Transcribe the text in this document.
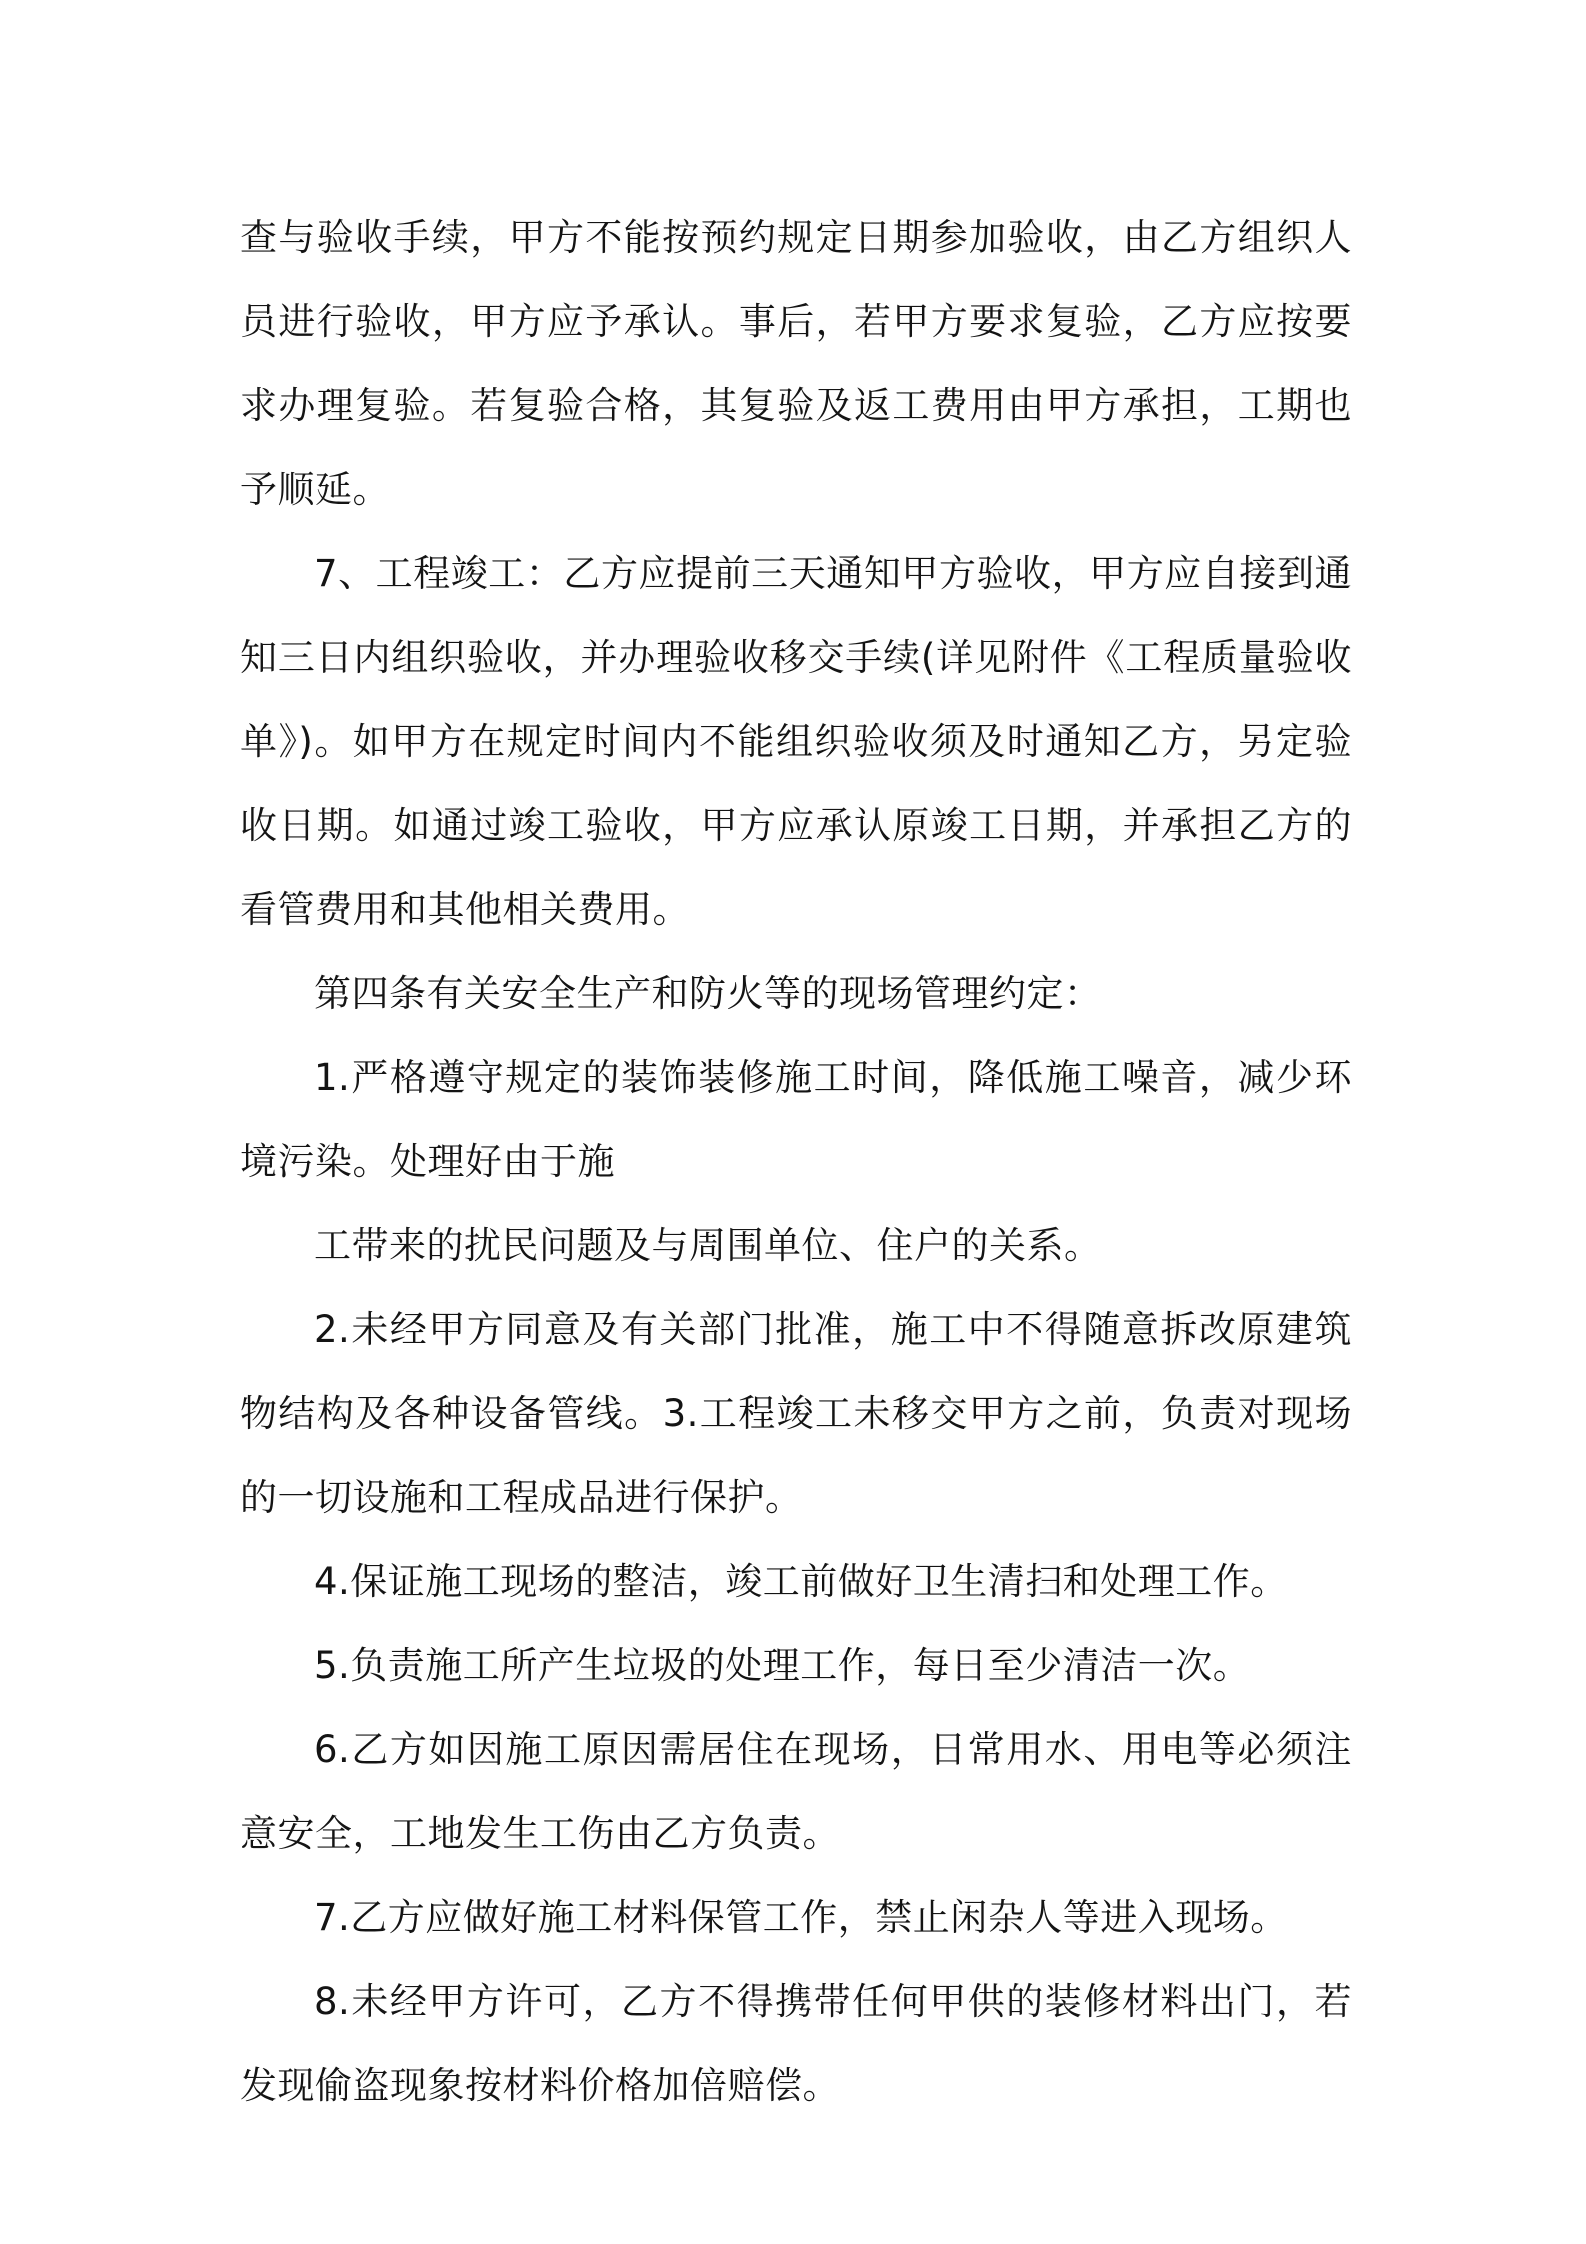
查与验收手续，甲方不能按预约规定日期参加验收，由乙方组织人员进行验收，甲方应予承认。事后，若甲方要求复验，乙方应按要求办理复验。若复验合格，其复验及返工费用由甲方承担，工期也予顺延。

7、工程竣工：乙方应提前三天通知甲方验收，甲方应自接到通知三日内组织验收，并办理验收移交手续(详见附件《工程质量验收单》)。如甲方在规定时间内不能组织验收须及时通知乙方，另定验收日期。如通过竣工验收，甲方应承认原竣工日期，并承担乙方的看管费用和其他相关费用。

第四条有关安全生产和防火等的现场管理约定：

1.严格遵守规定的装饰装修施工时间，降低施工噪音，减少环境污染。处理好由于施

工带来的扰民问题及与周围单位、住户的关系。

2.未经甲方同意及有关部门批准，施工中不得随意拆改原建筑物结构及各种设备管线。3.工程竣工未移交甲方之前，负责对现场的一切设施和工程成品进行保护。

4.保证施工现场的整洁，竣工前做好卫生清扫和处理工作。

5.负责施工所产生垃圾的处理工作，每日至少清洁一次。

6.乙方如因施工原因需居住在现场，日常用水、用电等必须注意安全，工地发生工伤由乙方负责。

7.乙方应做好施工材料保管工作，禁止闲杂人等进入现场。

8.未经甲方许可，乙方不得携带任何甲供的装修材料出门，若发现偷盗现象按材料价格加倍赔偿。
